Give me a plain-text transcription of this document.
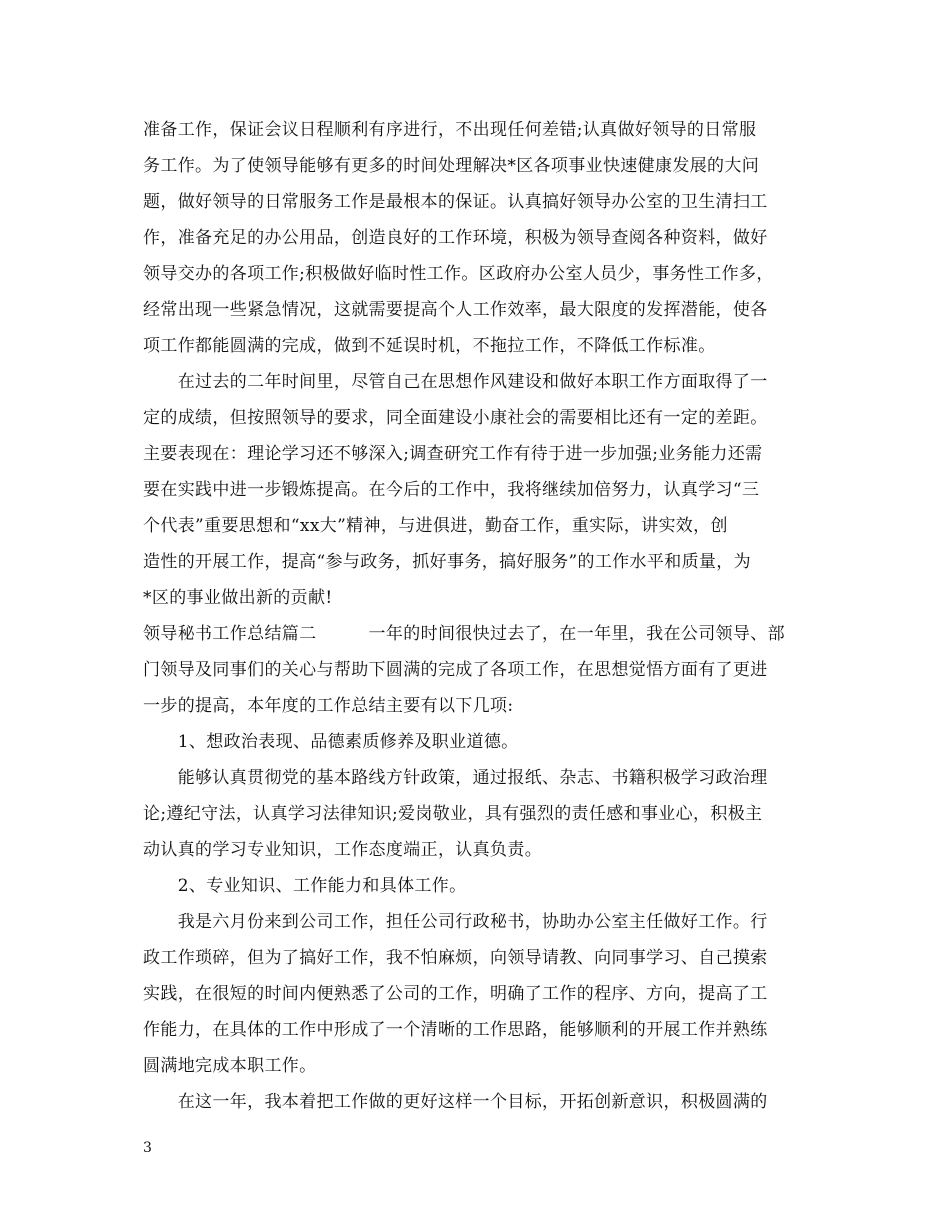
准备工作，保证会议日程顺利有序进行，不出现任何差错;认真做好领导的日常服
务工作。为了使领导能够有更多的时间处理解决*区各项事业快速健康发展的大问
题，做好领导的日常服务工作是最根本的保证。认真搞好领导办公室的卫生清扫工
作，准备充足的办公用品，创造良好的工作环境，积极为领导查阅各种资料，做好
领导交办的各项工作;积极做好临时性工作。区政府办公室人员少，事务性工作多，
经常出现一些紧急情况，这就需要提高个人工作效率，最大限度的发挥潜能，使各
项工作都能圆满的完成，做到不延误时机，不拖拉工作，不降低工作标准。
　　在过去的二年时间里，尽管自己在思想作风建设和做好本职工作方面取得了一
定的成绩，但按照领导的要求，同全面建设小康社会的需要相比还有一定的差距。
主要表现在：理论学习还不够深入;调查研究工作有待于进一步加强;业务能力还需
要在实践中进一步锻炼提高。在今后的工作中，我将继续加倍努力，认真学习“三
个代表”重要思想和“xx大”精神，与进俱进，勤奋工作，重实际，讲实效，创
造性的开展工作，提高“参与政务，抓好事务，搞好服务”的工作水平和质量，为
*区的事业做出新的贡献!
领导秘书工作总结篇二　　　一年的时间很快过去了，在一年里，我在公司领导、部
门领导及同事们的关心与帮助下圆满的完成了各项工作，在思想觉悟方面有了更进
一步的提高，本年度的工作总结主要有以下几项:
　　1、想政治表现、品德素质修养及职业道德。
　　能够认真贯彻党的基本路线方针政策，通过报纸、杂志、书籍积极学习政治理
论;遵纪守法，认真学习法律知识;爱岗敬业，具有强烈的责任感和事业心，积极主
动认真的学习专业知识，工作态度端正，认真负责。
　　2、专业知识、工作能力和具体工作。
　　我是六月份来到公司工作，担任公司行政秘书，协助办公室主任做好工作。行
政工作琐碎，但为了搞好工作，我不怕麻烦，向领导请教、向同事学习、自己摸索
实践，在很短的时间内便熟悉了公司的工作，明确了工作的程序、方向，提高了工
作能力，在具体的工作中形成了一个清晰的工作思路，能够顺利的开展工作并熟练
圆满地完成本职工作。
　　在这一年，我本着把工作做的更好这样一个目标，开拓创新意识，积极圆满的
3
